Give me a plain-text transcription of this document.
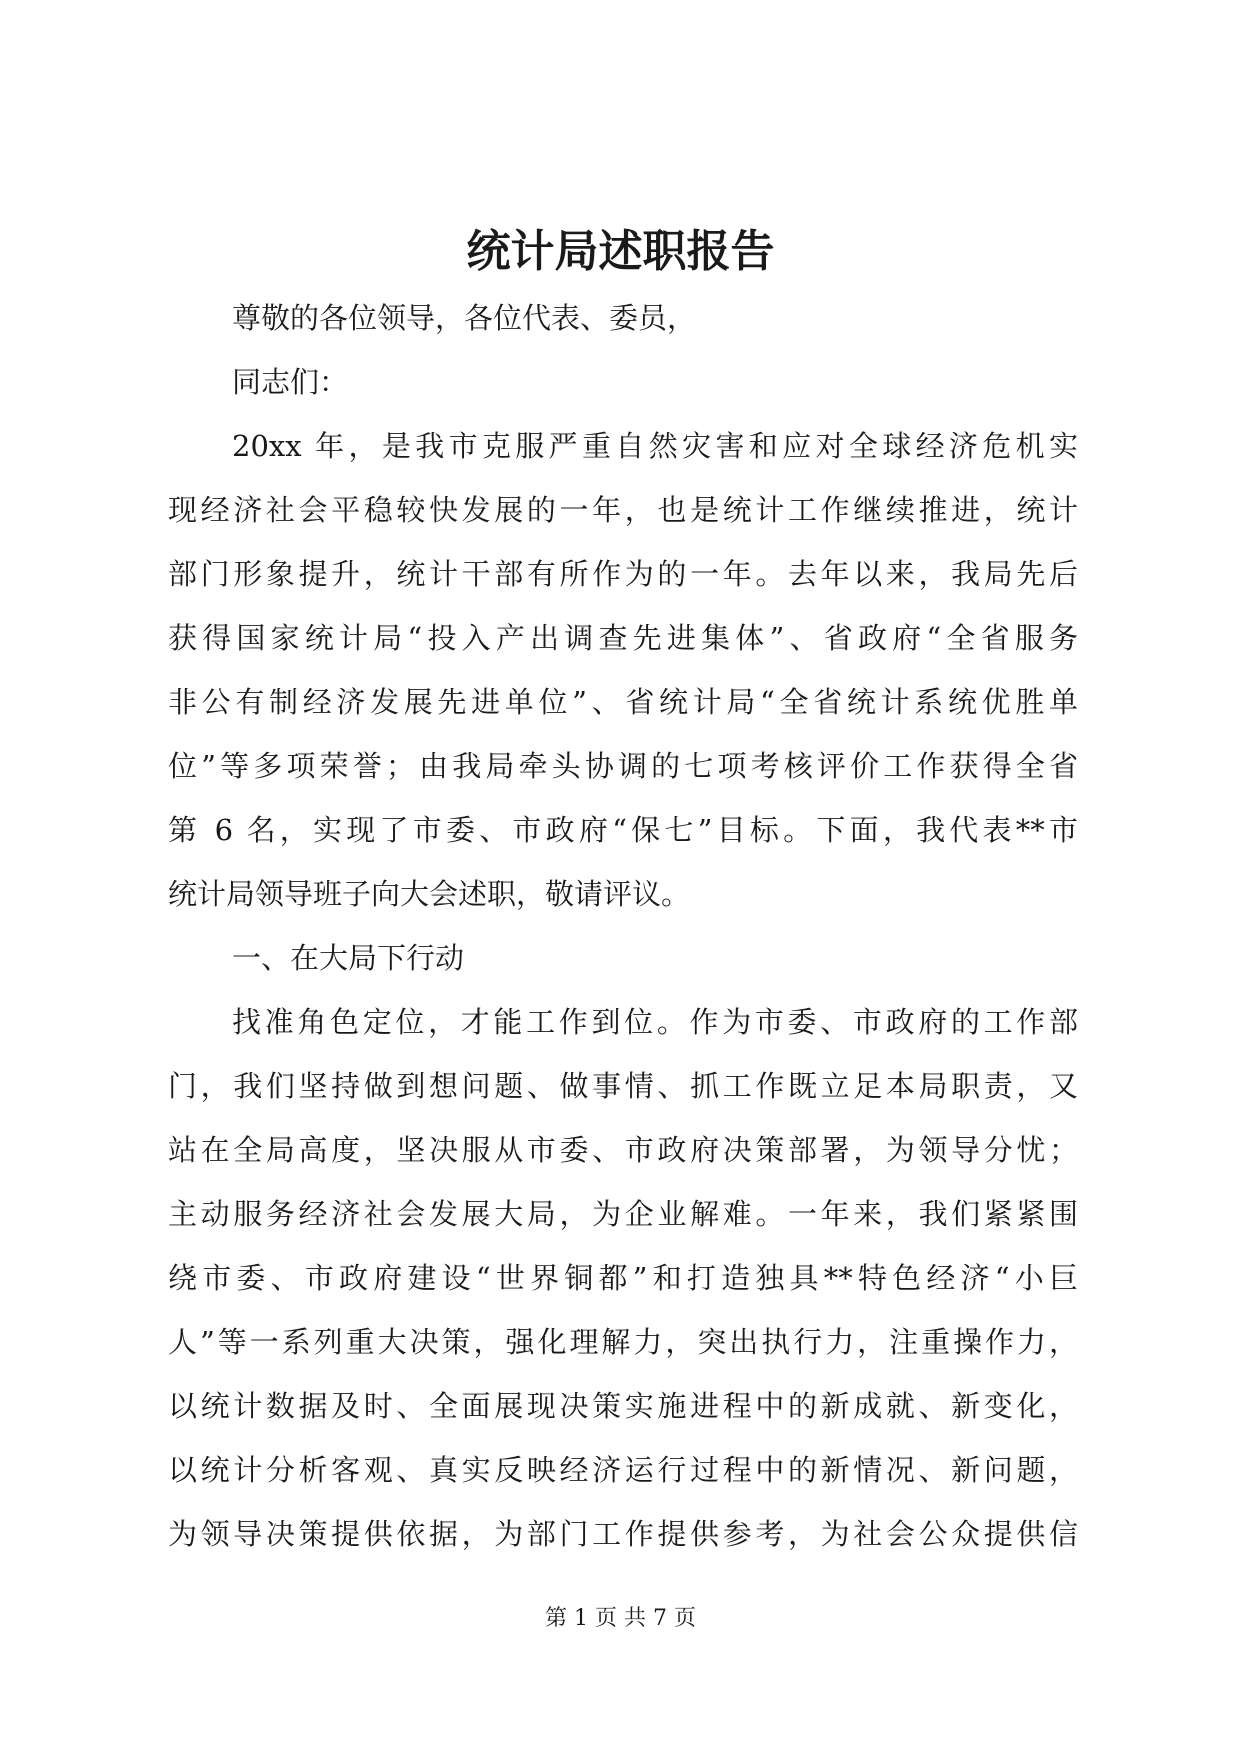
统计局述职报告
尊敬的各位领导，各位代表、委员，
同志们：
20xx 年，是我市克服严重自然灾害和应对全球经济危机实
现经济社会平稳较快发展的一年，也是统计工作继续推进，统计
部门形象提升，统计干部有所作为的一年。去年以来，我局先后
获得国家统计局“投入产出调查先进集体”、省政府“全省服务
非公有制经济发展先进单位”、省统计局“全省统计系统优胜单
位”等多项荣誉；由我局牵头协调的七项考核评价工作获得全省
第 6 名，实现了市委、市政府“保七”目标。下面，我代表**市
统计局领导班子向大会述职，敬请评议。
一、在大局下行动
找准角色定位，才能工作到位。作为市委、市政府的工作部
门，我们坚持做到想问题、做事情、抓工作既立足本局职责，又
站在全局高度，坚决服从市委、市政府决策部署，为领导分忧；
主动服务经济社会发展大局，为企业解难。一年来，我们紧紧围
绕市委、市政府建设“世界铜都”和打造独具**特色经济“小巨
人”等一系列重大决策，强化理解力，突出执行力，注重操作力，
以统计数据及时、全面展现决策实施进程中的新成就、新变化，
以统计分析客观、真实反映经济运行过程中的新情况、新问题，
为领导决策提供依据，为部门工作提供参考，为社会公众提供信
第 1 页 共 7 页
